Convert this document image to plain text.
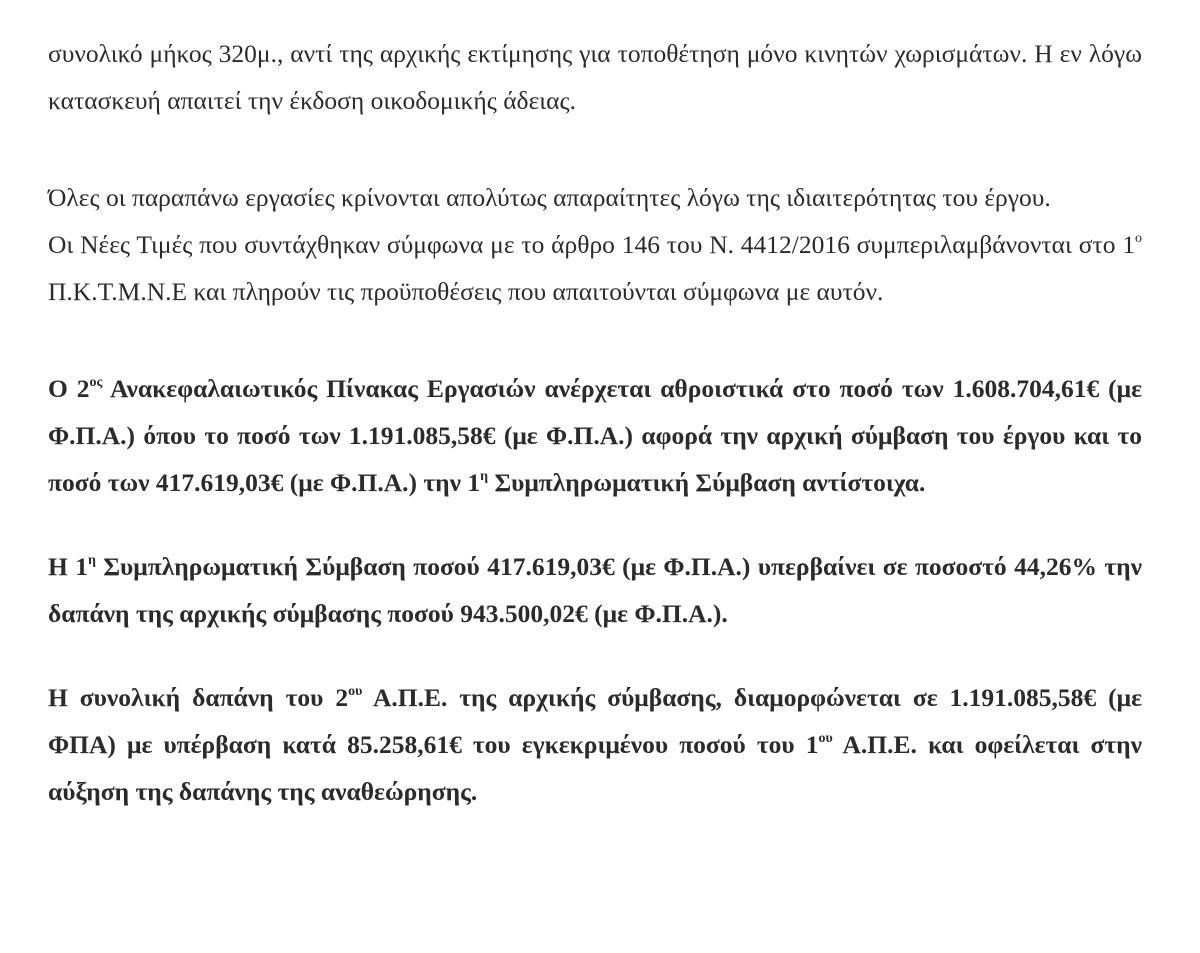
συνολικό μήκος 320μ., αντί της αρχικής εκτίμησης για τοποθέτηση μόνο κινητών χωρισμάτων. Η εν λόγω κατασκευή απαιτεί την έκδοση οικοδομικής άδειας.

Όλες οι παραπάνω εργασίες κρίνονται απολύτως απαραίτητες λόγω της ιδιαιτερότητας του έργου.

Οι Νέες Τιμές που συντάχθηκαν σύμφωνα με το άρθρο 146 του Ν. 4412/2016 συμπεριλαμβάνονται στο $1^o$ Π.Κ.Τ.Μ.Ν.Ε και πληρούν τις προϋποθέσεις που απαιτούνται σύμφωνα με αυτόν.

Ο $2^{o\varsigma}$ Ανακεφαλαιωτικός Πίνακας Εργασιών ανέρχεται αθροιστικά στο ποσό των 1.608.704,61€ (με Φ.Π.Α.) όπου το ποσό των 1.191.085,58€ (με Φ.Π.Α.) αφορά την αρχική σύμβαση του έργου και το ποσό των 417.619,03€ (με Φ.Π.Α.) την $1^\eta$ Συμπληρωματική Σύμβαση αντίστοιχα.

Η $1^\eta$ Συμπληρωματική Σύμβαση ποσού 417.619,03€ (με Φ.Π.Α.) υπερβαίνει σε ποσοστό 44,26% την δαπάνη της αρχικής σύμβασης ποσού 943.500,02€ (με Φ.Π.Α.).

Η συνολική δαπάνη του $2^{o\upsilon}$ Α.Π.Ε. της αρχικής σύμβασης, διαμορφώνεται σε 1.191.085,58€ (με ΦΠΑ) με υπέρβαση κατά 85.258,61€ του εγκεκριμένου ποσού του $1^{o\upsilon}$ Α.Π.Ε. και οφείλεται στην αύξηση της δαπάνης της αναθεώρησης.
